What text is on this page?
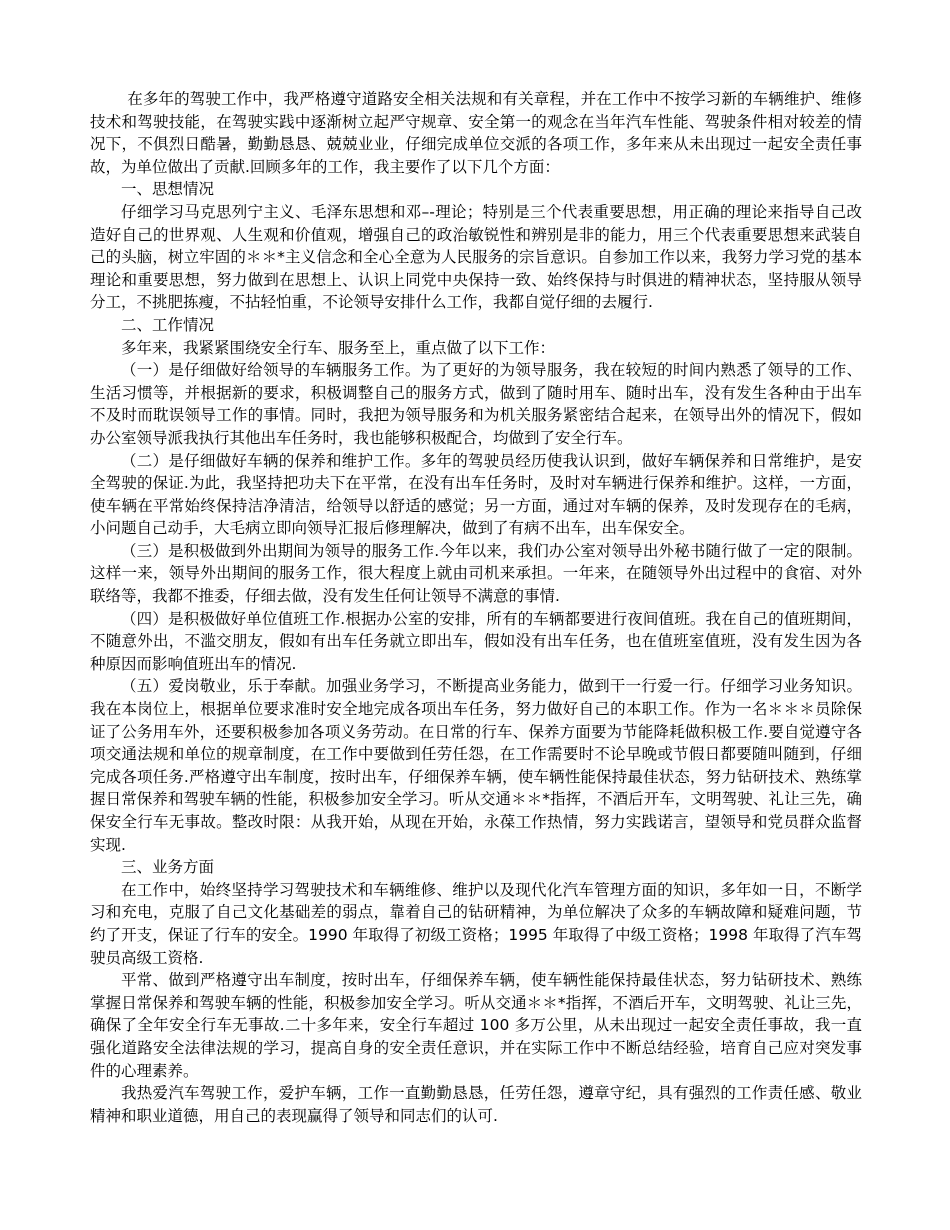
在多年的驾驶工作中，我严格遵守道路安全相关法规和有关章程，并在工作中不按学习新的车辆维护、维修技术和驾驶技能，在驾驶实践中逐渐树立起严守规章、安全第一的观念在当年汽车性能、驾驶条件相对较差的情况下，不俱烈日酷暑，勤勤恳恳、兢兢业业，仔细完成单位交派的各项工作，多年来从未出现过一起安全责任事故，为单位做出了贡献.回顾多年的工作，我主要作了以下几个方面：

一、思想情况

仔细学习马克思列宁主义、毛泽东思想和邓–-理论；特别是三个代表重要思想，用正确的理论来指导自己改造好自己的世界观、人生观和价值观，增强自己的政治敏锐性和辨别是非的能力，用三个代表重要思想来武装自己的头脑，树立牢固的＊＊*主义信念和全心全意为人民服务的宗旨意识。自参加工作以来，我努力学习党的基本理论和重要思想，努力做到在思想上、认识上同党中央保持一致、始终保持与时俱进的精神状态，坚持服从领导分工，不挑肥拣瘦，不拈轻怕重，不论领导安排什么工作，我都自觉仔细的去履行.

二、工作情况

多年来，我紧紧围绕安全行车、服务至上，重点做了以下工作：

（一）是仔细做好给领导的车辆服务工作。为了更好的为领导服务，我在较短的时间内熟悉了领导的工作、生活习惯等，并根据新的要求，积极调整自己的服务方式，做到了随时用车、随时出车，没有发生各种由于出车不及时而耽误领导工作的事情。同时，我把为领导服务和为机关服务紧密结合起来，在领导出外的情况下，假如办公室领导派我执行其他出车任务时，我也能够积极配合，均做到了安全行车。

（二）是仔细做好车辆的保养和维护工作。多年的驾驶员经历使我认识到，做好车辆保养和日常维护，是安全驾驶的保证.为此，我坚持把功夫下在平常，在没有出车任务时，及时对车辆进行保养和维护。这样，一方面，使车辆在平常始终保持洁净清洁，给领导以舒适的感觉；另一方面，通过对车辆的保养，及时发现存在的毛病，小问题自己动手，大毛病立即向领导汇报后修理解决，做到了有病不出车，出车保安全。

（三）是积极做到外出期间为领导的服务工作.今年以来，我们办公室对领导出外秘书随行做了一定的限制。这样一来，领导外出期间的服务工作，很大程度上就由司机来承担。一年来，在随领导外出过程中的食宿、对外联络等，我都不推委，仔细去做，没有发生任何让领导不满意的事情.

（四）是积极做好单位值班工作.根据办公室的安排，所有的车辆都要进行夜间值班。我在自己的值班期间，不随意外出，不滥交朋友，假如有出车任务就立即出车，假如没有出车任务，也在值班室值班，没有发生因为各种原因而影响值班出车的情况.

（五）爱岗敬业，乐于奉献。加强业务学习，不断提高业务能力，做到干一行爱一行。仔细学习业务知识。我在本岗位上，根据单位要求准时安全地完成各项出车任务，努力做好自己的本职工作。作为一名＊＊＊员除保证了公务用车外，还要积极参加各项义务劳动。在日常的行车、保养方面要为节能降耗做积极工作.要自觉遵守各项交通法规和单位的规章制度，在工作中要做到任劳任怨，在工作需要时不论早晚或节假日都要随叫随到，仔细完成各项任务.严格遵守出车制度，按时出车，仔细保养车辆，使车辆性能保持最佳状态，努力钻研技术、熟练掌握日常保养和驾驶车辆的性能，积极参加安全学习。听从交通＊＊*指挥，不酒后开车，文明驾驶、礼让三先，确保安全行车无事故。整改时限：从我开始，从现在开始，永葆工作热情，努力实践诺言，望领导和党员群众监督实现.

三、业务方面

在工作中，始终坚持学习驾驶技术和车辆维修、维护以及现代化汽车管理方面的知识，多年如一日，不断学习和充电，克服了自己文化基础差的弱点，靠着自己的钻研精神，为单位解决了众多的车辆故障和疑难问题，节约了开支，保证了行车的安全。1990 年取得了初级工资格；1995 年取得了中级工资格；1998 年取得了汽车驾驶员高级工资格.

平常、做到严格遵守出车制度，按时出车，仔细保养车辆，使车辆性能保持最佳状态，努力钻研技术、熟练掌握日常保养和驾驶车辆的性能，积极参加安全学习。听从交通＊＊*指挥，不酒后开车，文明驾驶、礼让三先，确保了全年安全行车无事故.二十多年来，安全行车超过 100 多万公里，从未出现过一起安全责任事故，我一直强化道路安全法律法规的学习，提高自身的安全责任意识，并在实际工作中不断总结经验，培育自己应对突发事件的心理素养。

我热爱汽车驾驶工作，爱护车辆，工作一直勤勤恳恳，任劳任怨，遵章守纪，具有强烈的工作责任感、敬业精神和职业道德，用自己的表现赢得了领导和同志们的认可.
